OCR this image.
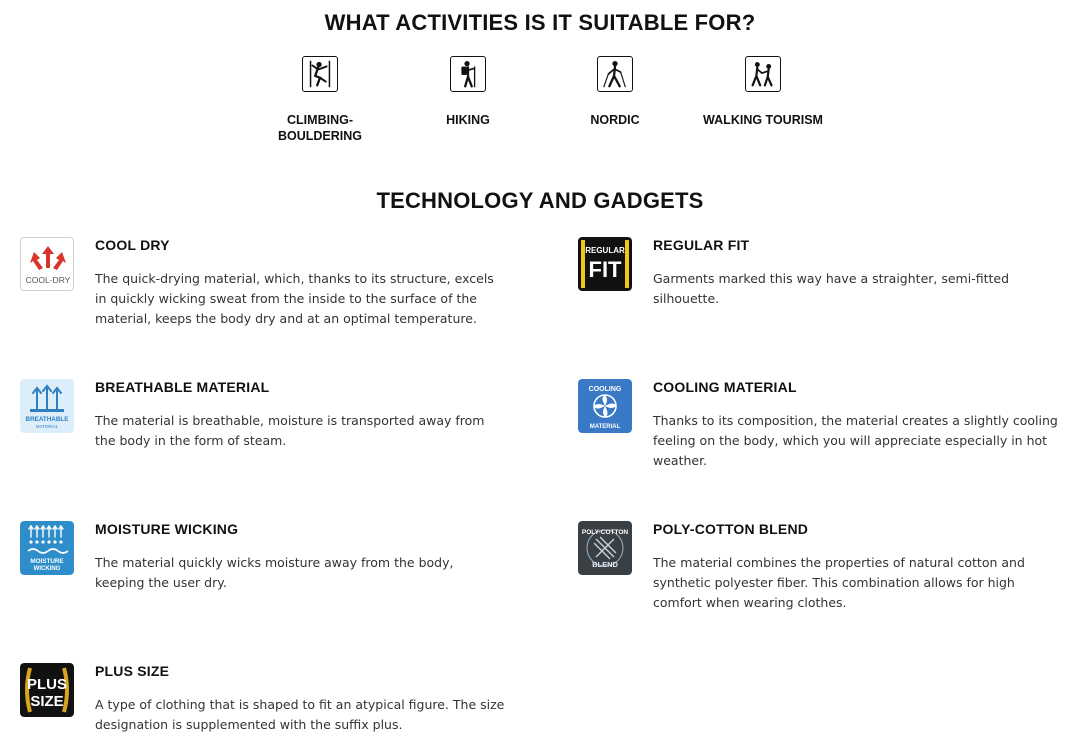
WHAT ACTIVITIES IS IT SUITABLE FOR?
CLIMBING-
BOULDERING
HIKING	NORDIC	WALKING TOURISM
TECHNOLOGY AND GADGETS
COOL-DRY
COOL DRY
The quick-drying material, which, thanks to its structure, excels in quickly wicking sweat from the inside to the surface of the material, keeps the body dry and at an optimal temperature.
REGULAR
FIT
REGULAR FIT
Garments marked this way have a straighter, semi-fitted silhouette.
BREATHABLE
MATERIAL
BREATHABLE MATERIAL
The material is breathable, moisture is transported away from the body in the form of steam.
COOLING
MATERIAL
COOLING MATERIAL
Thanks to its composition, the material creates a slightly cooling feeling on the body, which you will appreciate especially in hot weather.
MOISTURE
WICKING
MOISTURE WICKING
The material quickly wicks moisture away from the body, keeping the user dry.
POLY-COTTON
BLEND
POLY-COTTON BLEND
The material combines the properties of natural cotton and synthetic polyester fiber. This combination allows for high comfort when wearing clothes.
PLUS
SIZE
PLUS SIZE
A type of clothing that is shaped to fit an atypical figure. The size designation is supplemented with the suffix plus.
